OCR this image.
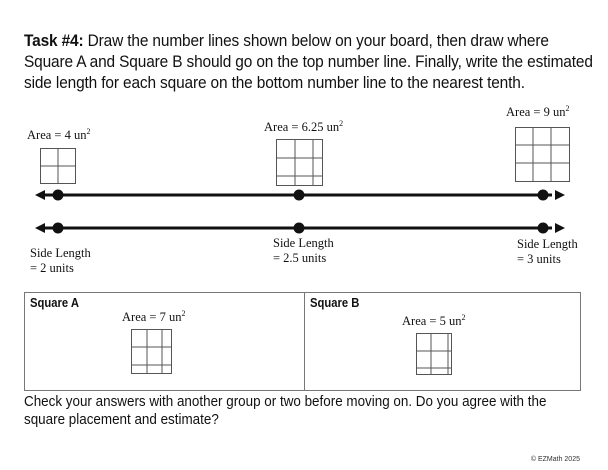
Task #4: Draw the number lines shown below on your board, then draw where Square A and Square B should go on the top number line. Finally, write the estimated side length for each square on the bottom number line to the nearest tenth.
Area = 4 $un^2$	Area = 6.25 $un^2$
Area = 9 $un^2$
Side Length
= 2 units
Side Length
= 2.5 units
Side Length
= 3 units
Square A
Area = 7 $un^2$
Square B
Area = 5 $un^2$
Check your answers with another group or two before moving on. Do you agree with the square placement and estimate?
© EZMath 2025
